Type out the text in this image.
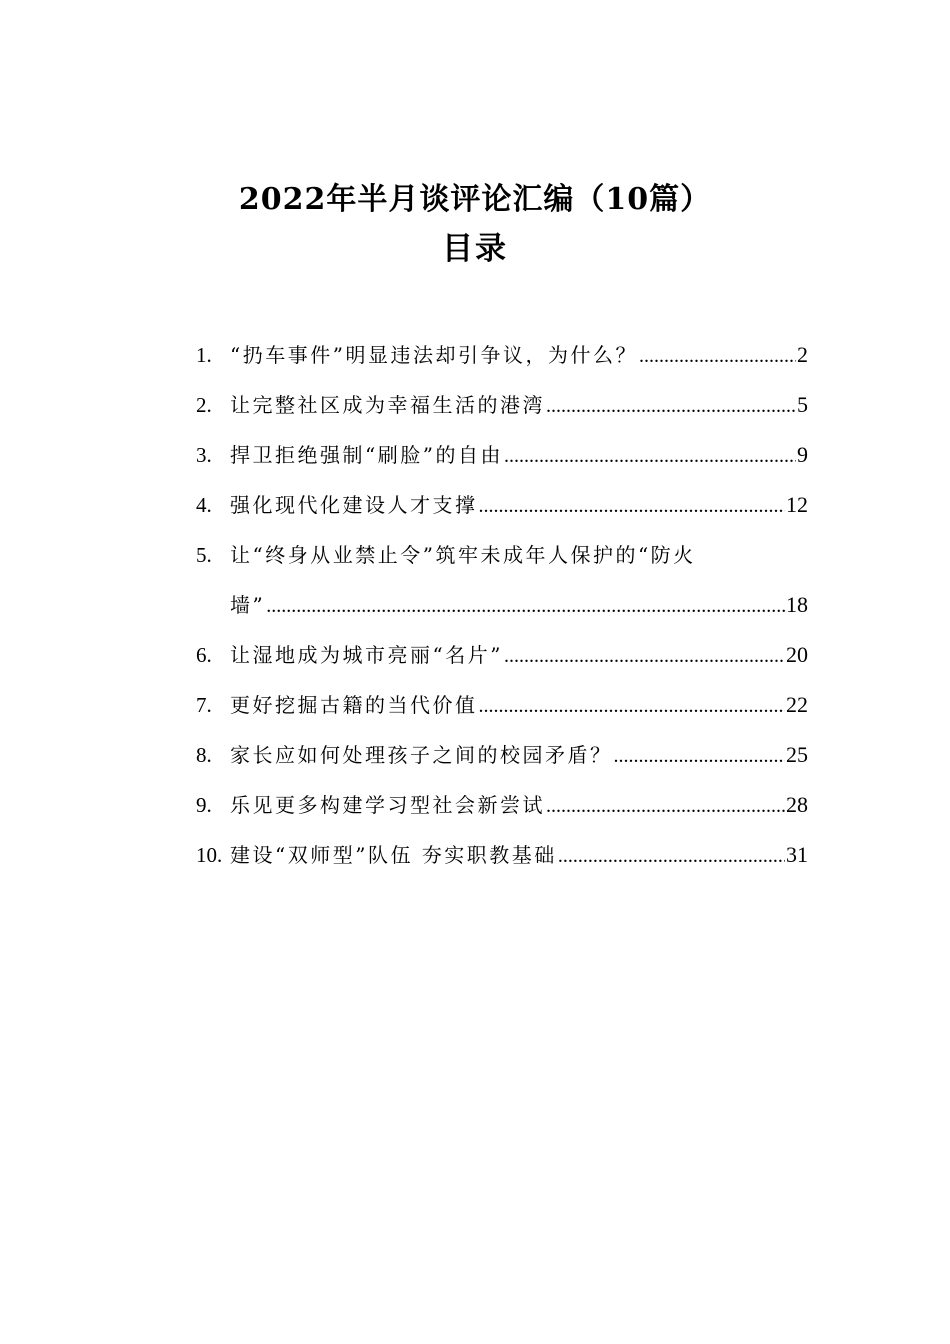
2022年半月谈评论汇编（10篇）
目录
1. “扔车事件”明显违法却引争议，为什么？ .....	2
2. 让完整社区成为幸福生活的港湾 .....	5
3. 捍卫拒绝强制“刷脸”的自由 .....	9
4. 强化现代化建设人才支撑 .....	12
5. 让“终身从业禁止令”筑牢未成年人保护的“防火
墙” .....	18
6. 让湿地成为城市亮丽“名片” .....	20
7. 更好挖掘古籍的当代价值 .....	22
8. 家长应如何处理孩子之间的校园矛盾？ .....	25
9. 乐见更多构建学习型社会新尝试 .....	28
10. 建设“双师型”队伍 夯实职教基础 .....	31
